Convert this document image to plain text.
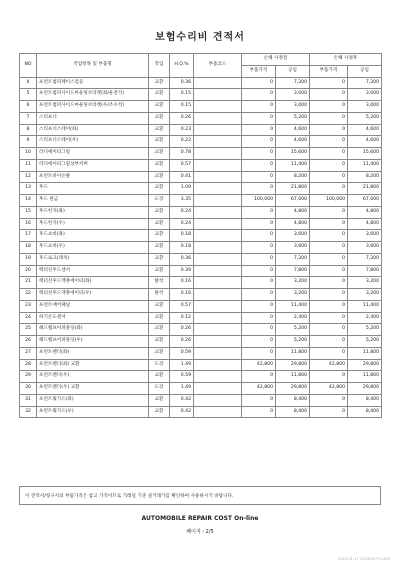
보험수리비 견적서
NO	작업항목 및 부품명	작업	H.Q.%	부품코드	손해 사정전		손해 사정후	
					부품가격	공임	부품가격	공임
4	프런트범퍼페이스컴등	교환	0.36		0	7,200	0	7,200
5	프런트범퍼사이드마운팅브라켓(좌/운전석)	교환	0.15		0	3,000	0	3,000
6	프런트범퍼사이드마운팅브라켓(우/조수석)	교환	0.15		0	3,000	0	3,000
7	스티프너	교환	0.26		0	5,200	0	5,200
8	스티프너스테이(좌)	교환	0.23		0	4,600	0	4,600
9	스티프너스테이(우)	교환	0.22		0	4,600	0	4,600
10	라디에이터그릴	교환	0.78		0	15,600	0	15,600
11	라디에이터그릴상부커버	교환	0.57		0	11,400	0	11,400
12	프런트바이온클	교환	0.41		0	8,200	0	8,200
13	후드	교환	1.09		0	21,800	0	21,800
14	후드 판금	도장	3.35		100,000	67,000	100,000	67,000
15	후드힌지(좌)	교환	0.24		0	4,800	0	4,800
16	후드힌지(우)	교환	0.24		0	4,800	0	4,800
17	후드쇼바(좌)	교환	0.18		0	3,600	0	3,600
18	후드쇼바(우)	교환	0.18		0	3,600	0	3,600
19	후드로크(래치)	교환	0.36		0	7,200	0	7,200
20	렉터선후드센서	교환	0.39		0	7,800	0	7,800
21	렉터선후드액츄에이터(좌)	탈착	0.16		0	3,200	0	3,200
22	렉터선후드액츄에이터(우)	탈착	0.16		0	3,200	0	3,200
23	프런트에어패널	교환	0.57		0	11,400	0	11,400
24	하기온도센서	교환	0.12		0	2,400	0	2,400
25	헤드램프어퍼몰딩(좌)	교환	0.26		0	5,200	0	5,200
26	헤드램프어퍼몰딩(우)	교환	0.26		0	5,200	0	5,200
27	프런트펜더(좌)	교환	0.59		0	11,800	0	11,800
28	프런트펜더(좌) 교환	도장	1.49		42,800	29,800	42,800	29,800
29	프런트펜더(우)	교환	0.59		0	11,800	0	11,800
30	프런트펜더(우) 교환	도장	1.49		42,800	29,800	42,800	29,800
31	프런트휠가드(좌)	교환	0.42		0	8,400	0	8,400
32	프런트휠가드(우)	교환	0.42		0	8,400	0	8,400
이 견적서/청구서의 부품가격은 참고 가격이므로 거래일 기준 실거래가를 확인하여 사용하시기 바랍니다.
AUTOMOBILE REPAIR COST On-line
페이지 : 2/5
2013-01-17 13:36:54 PC1405
